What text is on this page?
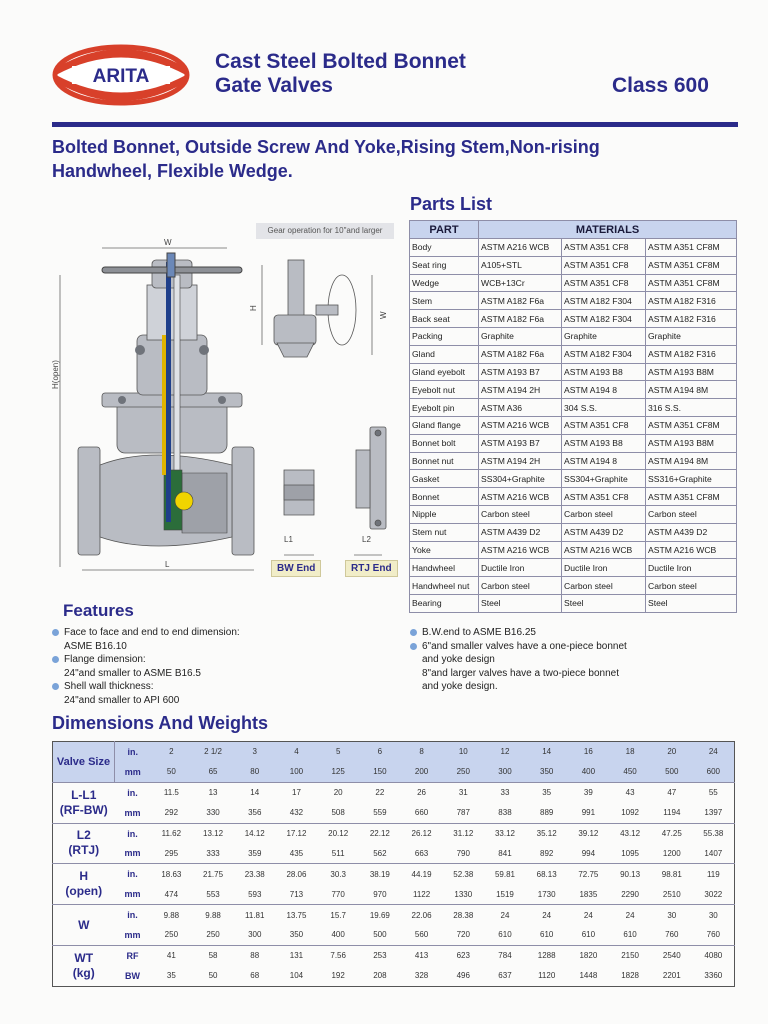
ARITA
Cast Steel Bolted Bonnet
Gate Valves	Class 600
Bolted Bonnet, Outside Screw And Yoke,Rising Stem,Non-rising
Handwheel, Flexible Wedge.
H(open)
W
L
H
W
L1	L2
Gear operation for 10"and larger
BW End	RTJ End
Parts List
PART	MATERIALS		
Body	ASTM A216 WCB	ASTM A351 CF8	ASTM A351 CF8M
Seat ring	A105+STL	ASTM A351 CF8	ASTM A351 CF8M
Wedge	WCB+13Cr	ASTM A351 CF8	ASTM A351 CF8M
Stem	ASTM A182 F6a	ASTM A182 F304	ASTM A182 F316
Back seat	ASTM A182 F6a	ASTM A182 F304	ASTM A182 F316
Packing	Graphite	Graphite	Graphite
Gland	ASTM A182 F6a	ASTM A182 F304	ASTM A182 F316
Gland eyebolt	ASTM A193 B7	ASTM A193 B8	ASTM A193 B8M
Eyebolt nut	ASTM A194 2H	ASTM A194 8	ASTM A194 8M
Eyebolt pin	ASTM A36	304 S.S.	316 S.S.
Gland flange	ASTM A216 WCB	ASTM A351 CF8	ASTM A351 CF8M
Bonnet bolt	ASTM A193 B7	ASTM A193 B8	ASTM A193 B8M
Bonnet nut	ASTM A194 2H	ASTM A194 8	ASTM A194 8M
Gasket	SS304+Graphite	SS304+Graphite	SS316+Graphite
Bonnet	ASTM A216 WCB	ASTM A351 CF8	ASTM A351 CF8M
Nipple	Carbon steel	Carbon steel	Carbon steel
Stem nut	ASTM A439 D2	ASTM A439 D2	ASTM A439 D2
Yoke	ASTM A216 WCB	ASTM A216 WCB	ASTM A216 WCB
Handwheel	Ductile Iron	Ductile Iron	Ductile Iron
Handwheel nut	Carbon steel	Carbon steel	Carbon steel
Bearing	Steel	Steel	Steel
Features
Face to face and end to end dimension:
ASME B16.10
Flange dimension:
24"and smaller to ASME B16.5
Shell wall thickness:
24"and smaller to API 600
B.W.end to ASME B16.25
6"and smaller valves have a one-piece bonnet
and yoke design
8"and larger valves have a two-piece bonnet
and yoke design.
Dimensions And Weights
Valve Size	in.	2	2 1/2	3	4	5	6	8	10	12	14	16	18	20	24
	mm	50	65	80	100	125	150	200	250	300	350	400	450	500	600

L-L1
(RF-BW)	in.	11.5	13	14	17	20	22	26	31	33	35	39	43	47	55
	mm	292	330	356	432	508	559	660	787	838	889	991	1092	1194	1397

L2
(RTJ)	in.	11.62	13.12	14.12	17.12	20.12	22.12	26.12	31.12	33.12	35.12	39.12	43.12	47.25	55.38
	mm	295	333	359	435	511	562	663	790	841	892	994	1095	1200	1407

H
(open)	in.	18.63	21.75	23.38	28.06	30.3	38.19	44.19	52.38	59.81	68.13	72.75	90.13	98.81	119
	mm	474	553	593	713	770	970	1122	1330	1519	1730	1835	2290	2510	3022

W	in.	9.88	9.88	11.81	13.75	15.7	19.69	22.06	28.38	24	24	24	24	30	30
	mm	250	250	300	350	400	500	560	720	610	610	610	610	760	760

WT
(kg)	RF	41	58	88	131	7.56	253	413	623	784	1288	1820	2150	2540	4080
	BW	35	50	68	104	192	208	328	496	637	1120	1448	1828	2201	3360
